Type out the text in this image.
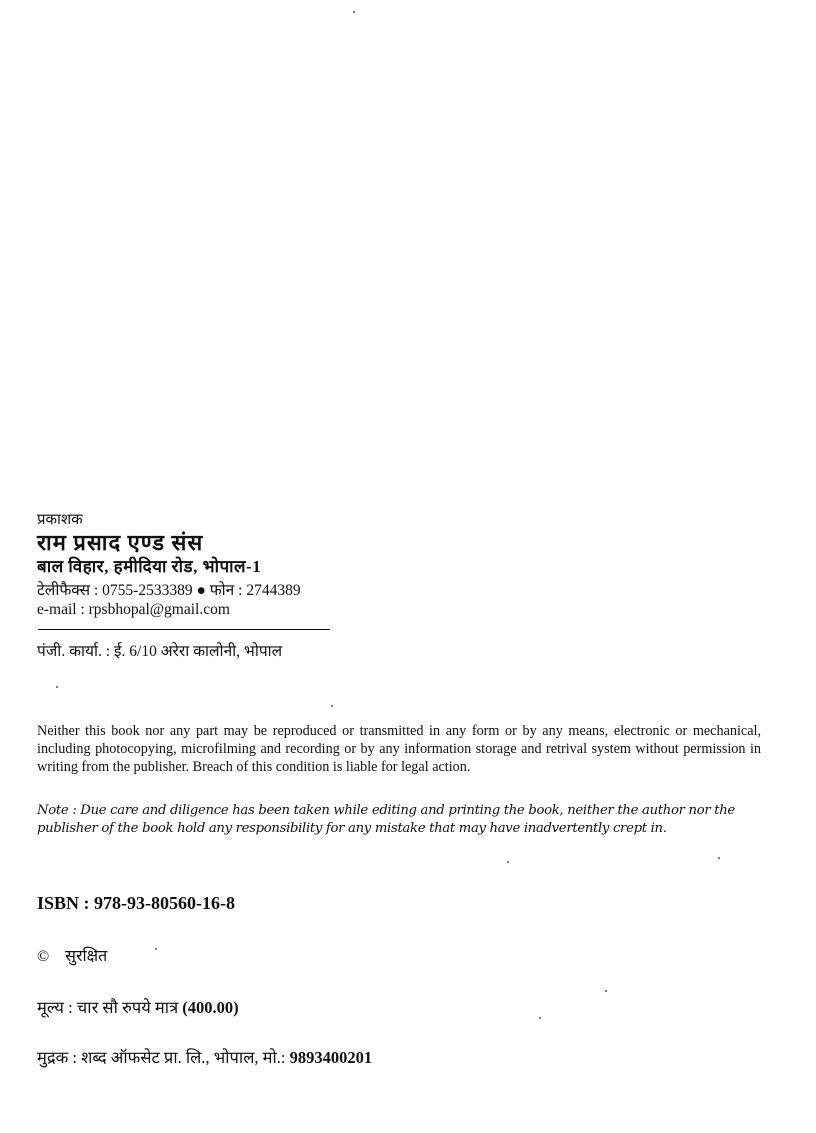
प्रकाशक
राम प्रसाद एण्ड संस
बाल विहार, हमीदिया रोड, भोपाल-1
टेलीफैक्स : 0755-2533389 ● फोन : 2744389
e-mail : rpsbhopal@gmail.com
पंजी. कार्या. : ई. 6/10 अरेरा कालोनी, भोपाल
Neither this book nor any part may be reproduced or transmitted in any form or by any means, electronic or mechanical, including photocopying, microfilming and recording or by any information storage and retrival system without permission in writing from the publisher. Breach of this condition is liable for legal action.
Note : Due care and diligence has been taken while editing and printing the book, neither the author nor the publisher of the book hold any responsibility for any mistake that may have inadvertently crept in.
ISBN : 978-93-80560-16-8
© सुरक्षित
मूल्य : चार सौ रुपये मात्र (400.00)
मुद्रक : शब्द ऑफसेट प्रा. लि., भोपाल, मो.: 9893400201
